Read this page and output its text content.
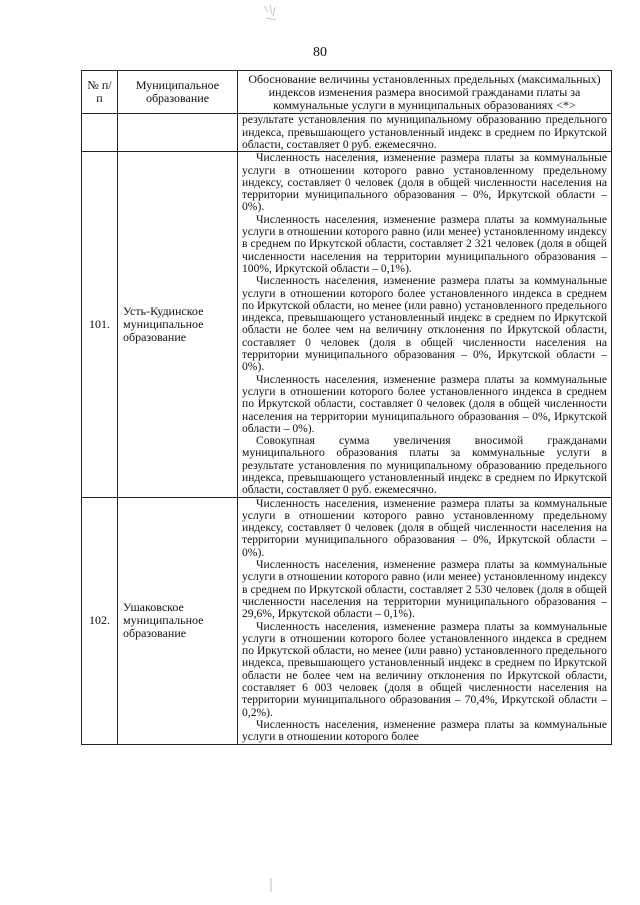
80
№ п/п	Муниципальное образование	Обоснование величины установленных предельных (максимальных) индексов изменения размера вносимой гражданами платы за коммунальные услуги в муниципальных образованиях <*>

		результате установления по муниципальному образованию предельного индекса, превышающего установленный индекс в среднем по Иркутской области, составляет 0 руб. ежемесячно.

101.	Усть-Кудинское муниципальное образование	Численность населения, изменение размера платы за коммунальные услуги в отношении которого равно установленному предельному индексу, составляет 0 человек (доля в общей численности населения на территории муниципального образования – 0%, Иркутской области – 0%).

Численность населения, изменение размера платы за коммунальные услуги в отношении которого равно (или менее) установленному индексу в среднем по Иркутской области, составляет 2 321 человек (доля в общей численности населения на территории муниципального образования – 100%, Иркутской области – 0,1%).

Численность населения, изменение размера платы за коммунальные услуги в отношении которого более установленного индекса в среднем по Иркутской области, но менее (или равно) установленного предельного индекса, превышающего установленный индекс в среднем по Иркутской области не более чем на величину отклонения по Иркутской области, составляет 0 человек (доля в общей численности населения на территории муниципального образования – 0%, Иркутской области – 0%).

Численность населения, изменение размера платы за коммунальные услуги в отношении которого более установленного индекса в среднем по Иркутской области, составляет 0 человек (доля в общей численности населения на территории муниципального образования – 0%, Иркутской области – 0%).

Совокупная сумма увеличения вносимой гражданами муниципального образования платы за коммунальные услуги в результате установления по муниципальному образованию предельного индекса, превышающего установленный индекс в среднем по Иркутской области, составляет 0 руб. ежемесячно.

102.	Ушаковское муниципальное образование	Численность населения, изменение размера платы за коммунальные услуги в отношении которого равно установленному предельному индексу, составляет 0 человек (доля в общей численности населения на территории муниципального образования – 0%, Иркутской области – 0%).

Численность населения, изменение размера платы за коммунальные услуги в отношении которого равно (или менее) установленному индексу в среднем по Иркутской области, составляет 2 530 человек (доля в общей численности населения на территории муниципального образования – 29,6%, Иркутской области – 0,1%).

Численность населения, изменение размера платы за коммунальные услуги в отношении которого более установленного индекса в среднем по Иркутской области, но менее (или равно) установленного предельного индекса, превышающего установленный индекс в среднем по Иркутской области не более чем на величину отклонения по Иркутской области, составляет 6 003 человек (доля в общей численности населения на территории муниципального образования – 70,4%, Иркутской области – 0,2%).

Численность населения, изменение размера платы за коммунальные услуги в отношении которого более
